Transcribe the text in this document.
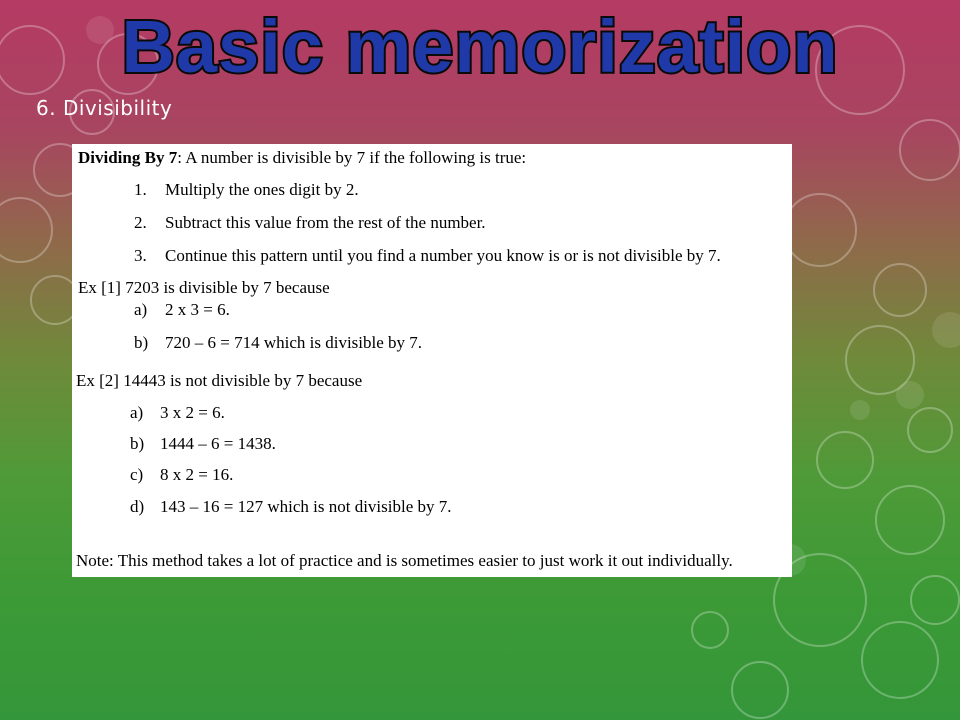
Basic memorization
6. Divisibility
Dividing By 7: A number is divisible by 7 if the following is true:
1. Multiply the ones digit by 2.
2. Subtract this value from the rest of the number.
3. Continue this pattern until you find a number you know is or is not divisible by 7.
Ex [1] 7203 is divisible by 7 because
a) 2 x 3 = 6.
b) 720 – 6 = 714 which is divisible by 7.
Ex [2] 14443 is not divisible by 7 because
a) 3 x 2 = 6.
b) 1444 – 6 = 1438.
c) 8 x 2 = 16.
d) 143 – 16 = 127 which is not divisible by 7.
Note: This method takes a lot of practice and is sometimes easier to just work it out individually.
